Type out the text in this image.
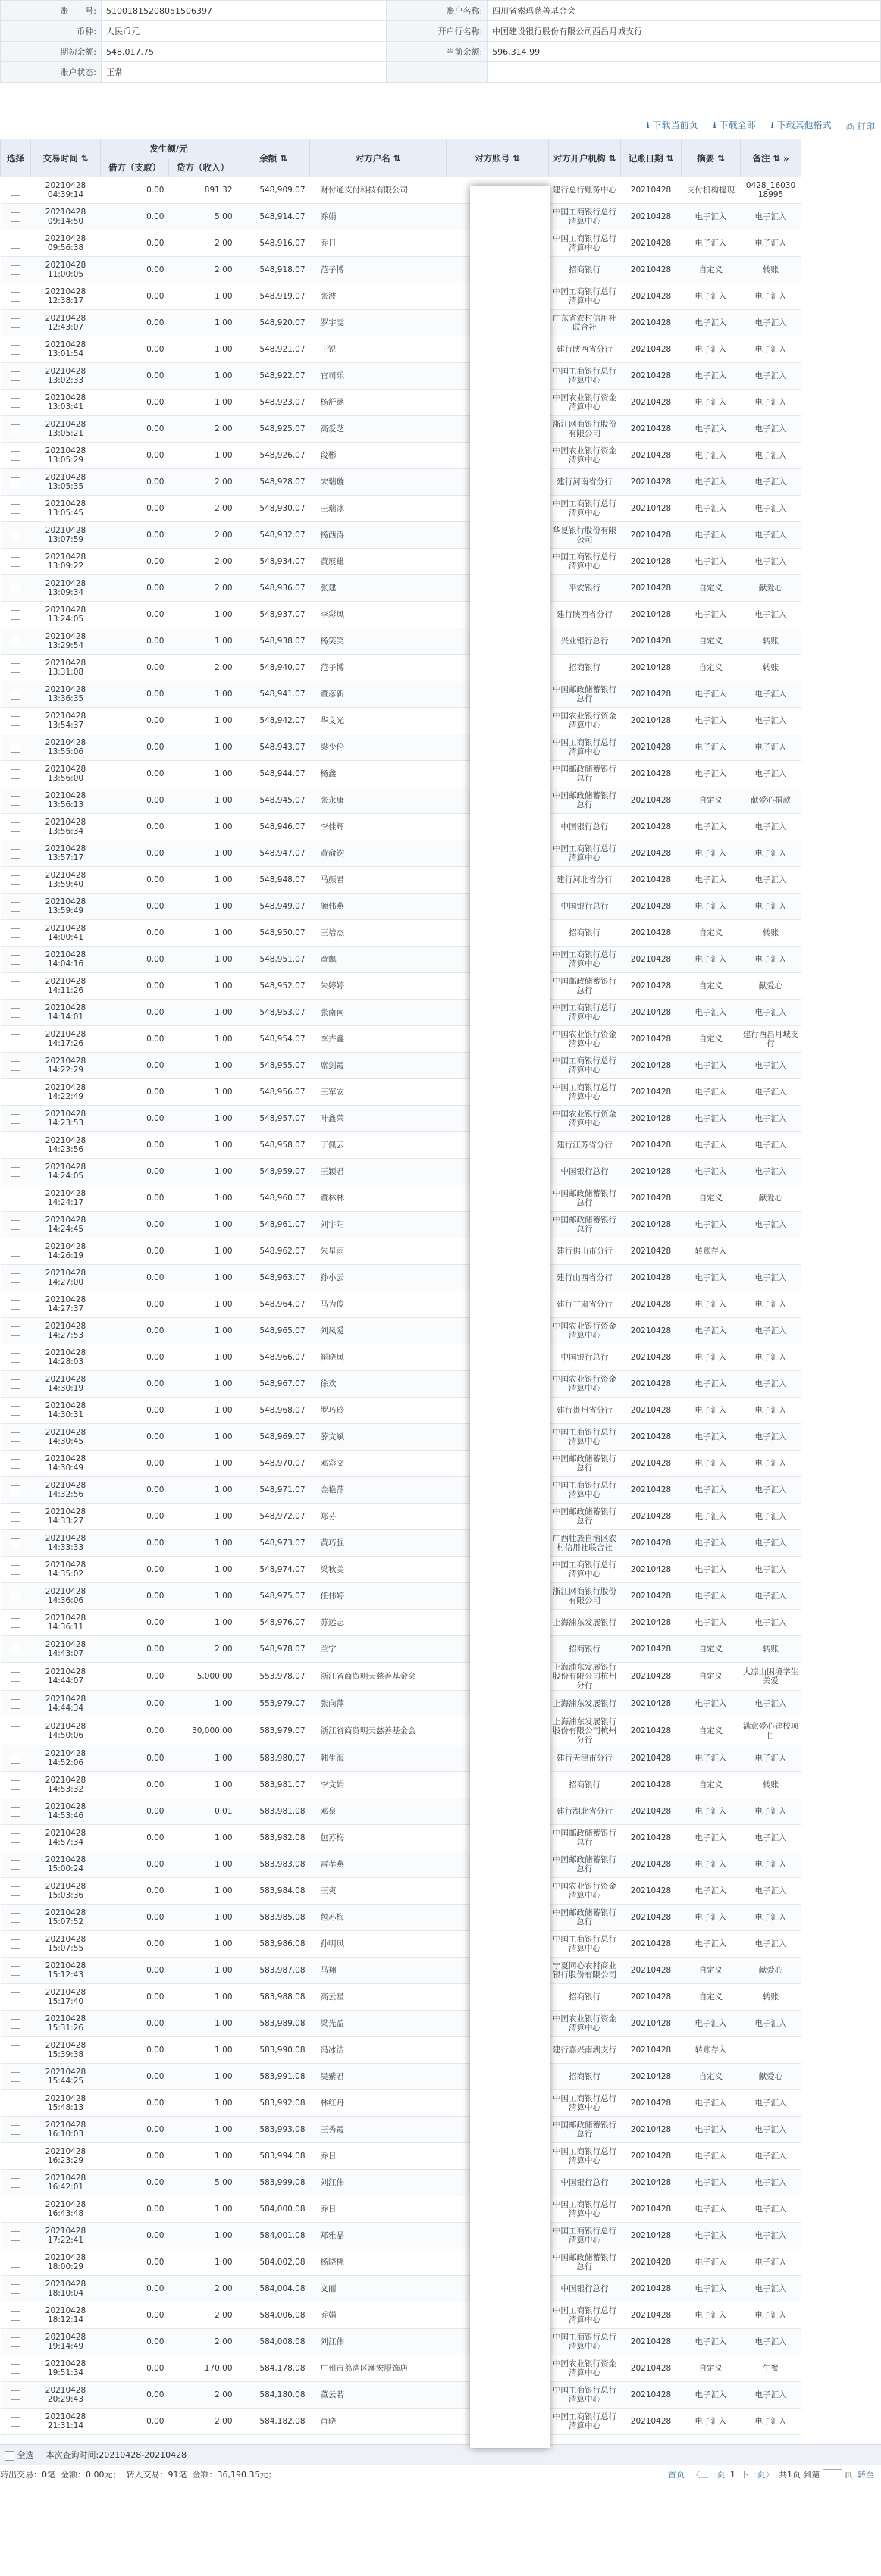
账　　号:	51001815208051506397	账户名称:	四川省索玛慈善基金会
币种:	人民币元	开户行名称:	中国建设银行股份有限公司西昌月城支行
期初余额:	548,017.75	当前余额:	596,314.99
账户状态:	正常		
⭳ 下载当前页 ⭳ 下载全部 ⭳ 下载其他格式 ⎙ 打印
选择	交易时间 ⇅	发生额/元		余额 ⇅	对方户名 ⇅	对方账号 ⇅	对方开户机构 ⇅	记账日期 ⇅	摘要 ⇅	备注 ⇅ »
		借方（支取）	贷方（收入）							

	20210428
04:39:14	0.00	891.32	548,909.07	财付通支付科技有限公司		建行总行账务中心	20210428	支付机构提现	0428_16030 18995

	20210428
09:14:50	0.00	5.00	548,914.07	乔娟		中国工商银行总行清算中心	20210428	电子汇入	电子汇入

	20210428
09:56:38	0.00	2.00	548,916.07	乔日		中国工商银行总行清算中心	20210428	电子汇入	电子汇入

	20210428
11:00:05	0.00	2.00	548,918.07	范子博		招商银行	20210428	自定义	转账

	20210428
12:38:17	0.00	1.00	548,919.07	张波		中国工商银行总行清算中心	20210428	电子汇入	电子汇入

	20210428
12:43:07	0.00	1.00	548,920.07	罗宇雯		广东省农村信用社联合社	20210428	电子汇入	电子汇入

	20210428
13:01:54	0.00	1.00	548,921.07	王锐		建行陕西省分行	20210428	电子汇入	电子汇入

	20210428
13:02:33	0.00	1.00	548,922.07	官司乐		中国工商银行总行清算中心	20210428	电子汇入	电子汇入

	20210428
13:03:41	0.00	1.00	548,923.07	杨舒涵		中国农业银行资金清算中心	20210428	电子汇入	电子汇入

	20210428
13:05:21	0.00	2.00	548,925.07	高爱芝		浙江网商银行股份有限公司	20210428	电子汇入	电子汇入

	20210428
13:05:29	0.00	1.00	548,926.07	段彬		中国农业银行资金清算中心	20210428	电子汇入	电子汇入

	20210428
13:05:35	0.00	2.00	548,928.07	宋瑞璇		建行河南省分行	20210428	电子汇入	电子汇入

	20210428
13:05:45	0.00	2.00	548,930.07	王瑞冰		中国工商银行总行清算中心	20210428	电子汇入	电子汇入

	20210428
13:07:59	0.00	2.00	548,932.07	杨西涛		华夏银行股份有限公司	20210428	电子汇入	电子汇入

	20210428
13:09:22	0.00	2.00	548,934.07	黄展雄		中国工商银行总行清算中心	20210428	电子汇入	电子汇入

	20210428
13:09:34	0.00	2.00	548,936.07	张建		平安银行	20210428	自定义	献爱心

	20210428
13:24:05	0.00	1.00	548,937.07	李彩凤		建行陕西省分行	20210428	电子汇入	电子汇入

	20210428
13:29:54	0.00	1.00	548,938.07	杨笑笑		兴业银行总行	20210428	自定义	转账

	20210428
13:31:08	0.00	2.00	548,940.07	范子博		招商银行	20210428	自定义	转账

	20210428
13:36:35	0.00	1.00	548,941.07	董彦新		中国邮政储蓄银行总行	20210428	电子汇入	电子汇入

	20210428
13:54:37	0.00	1.00	548,942.07	华文光		中国农业银行资金清算中心	20210428	电子汇入	电子汇入

	20210428
13:55:06	0.00	1.00	548,943.07	梁少伦		中国工商银行总行清算中心	20210428	电子汇入	电子汇入

	20210428
13:56:00	0.00	1.00	548,944.07	杨鑫		中国邮政储蓄银行总行	20210428	电子汇入	电子汇入

	20210428
13:56:13	0.00	1.00	548,945.07	张永康		中国邮政储蓄银行总行	20210428	自定义	献爱心捐款

	20210428
13:56:34	0.00	1.00	548,946.07	李佳辉		中国银行总行	20210428	电子汇入	电子汇入

	20210428
13:57:17	0.00	1.00	548,947.07	黄俞钧		中国工商银行总行清算中心	20210428	电子汇入	电子汇入

	20210428
13:59:40	0.00	1.00	548,948.07	马颜君		建行河北省分行	20210428	电子汇入	电子汇入

	20210428
13:59:49	0.00	1.00	548,949.07	颜伟燕		中国银行总行	20210428	电子汇入	电子汇入

	20210428
14:00:41	0.00	1.00	548,950.07	王培杰		招商银行	20210428	自定义	转账

	20210428
14:04:16	0.00	1.00	548,951.07	童飘		中国工商银行总行清算中心	20210428	电子汇入	电子汇入

	20210428
14:11:26	0.00	1.00	548,952.07	朱婷婷		中国邮政储蓄银行总行	20210428	自定义	献爱心

	20210428
14:14:01	0.00	1.00	548,953.07	张南南		中国工商银行总行清算中心	20210428	电子汇入	电子汇入

	20210428
14:17:26	0.00	1.00	548,954.07	李卉鑫		中国农业银行资金清算中心	20210428	自定义	建行西昌月城支行

	20210428
14:22:29	0.00	1.00	548,955.07	席剑霞		中国工商银行总行清算中心	20210428	电子汇入	电子汇入

	20210428
14:22:49	0.00	1.00	548,956.07	王军安		中国工商银行总行清算中心	20210428	电子汇入	电子汇入

	20210428
14:23:53	0.00	1.00	548,957.07	叶鑫荣		中国农业银行资金清算中心	20210428	电子汇入	电子汇入

	20210428
14:23:56	0.00	1.00	548,958.07	丁佩云		建行江苏省分行	20210428	电子汇入	电子汇入

	20210428
14:24:05	0.00	1.00	548,959.07	王颖君		中国银行总行	20210428	电子汇入	电子汇入

	20210428
14:24:17	0.00	1.00	548,960.07	董林林		中国邮政储蓄银行总行	20210428	自定义	献爱心

	20210428
14:24:45	0.00	1.00	548,961.07	刘宇阳		中国邮政储蓄银行总行	20210428	电子汇入	电子汇入

	20210428
14:26:19	0.00	1.00	548,962.07	朱星雨		建行佛山市分行	20210428	转账存入	

	20210428
14:27:00	0.00	1.00	548,963.07	孙小云		建行山西省分行	20210428	电子汇入	电子汇入

	20210428
14:27:37	0.00	1.00	548,964.07	马为俊		建行甘肃省分行	20210428	电子汇入	电子汇入

	20210428
14:27:53	0.00	1.00	548,965.07	刘凤爱		中国农业银行资金清算中心	20210428	电子汇入	电子汇入

	20210428
14:28:03	0.00	1.00	548,966.07	崔晓凤		中国银行总行	20210428	电子汇入	电子汇入

	20210428
14:30:19	0.00	1.00	548,967.07	徐欢		中国农业银行资金清算中心	20210428	电子汇入	电子汇入

	20210428
14:30:31	0.00	1.00	548,968.07	罗巧玲		建行贵州省分行	20210428	电子汇入	电子汇入

	20210428
14:30:45	0.00	1.00	548,969.07	薛文斌		中国工商银行总行清算中心	20210428	电子汇入	电子汇入

	20210428
14:30:49	0.00	1.00	548,970.07	邓彩文		中国邮政储蓄银行总行	20210428	电子汇入	电子汇入

	20210428
14:32:56	0.00	1.00	548,971.07	金艳萍		中国工商银行总行清算中心	20210428	电子汇入	电子汇入

	20210428
14:33:27	0.00	1.00	548,972.07	郑芬		中国邮政储蓄银行总行	20210428	电子汇入	电子汇入

	20210428
14:33:33	0.00	1.00	548,973.07	黄巧强		广西壮族自治区农村信用社联合社	20210428	电子汇入	电子汇入

	20210428
14:35:02	0.00	1.00	548,974.07	梁秋美		中国工商银行总行清算中心	20210428	电子汇入	电子汇入

	20210428
14:36:06	0.00	1.00	548,975.07	任伟婷		浙江网商银行股份有限公司	20210428	电子汇入	电子汇入

	20210428
14:36:11	0.00	1.00	548,976.07	苏远志		上海浦东发展银行	20210428	电子汇入	电子汇入

	20210428
14:43:07	0.00	2.00	548,978.07	兰宁		招商银行	20210428	自定义	转账

	20210428
14:44:07	0.00	5,000.00	553,978.07	浙江省商贸明天慈善基金会		上海浦东发展银行股份有限公司杭州分行	20210428	自定义	大凉山困境学生关爱

	20210428
14:44:34	0.00	1.00	553,979.07	张向萍		上海浦东发展银行	20210428	电子汇入	电子汇入

	20210428
14:50:06	0.00	30,000.00	583,979.07	浙江省商贸明天慈善基金会		上海浦东发展银行股份有限公司杭州分行	20210428	自定义	满意爱心建校项目

	20210428
14:52:06	0.00	1.00	583,980.07	韩生海		建行天津市分行	20210428	电子汇入	电子汇入

	20210428
14:53:32	0.00	1.00	583,981.07	李文娟		招商银行	20210428	自定义	转账

	20210428
14:53:46	0.00	0.01	583,981.08	邓泉		建行湖北省分行	20210428	电子汇入	电子汇入

	20210428
14:57:34	0.00	1.00	583,982.08	包苏梅		中国邮政储蓄银行总行	20210428	电子汇入	电子汇入

	20210428
15:00:24	0.00	1.00	583,983.08	雷孝燕		中国邮政储蓄银行总行	20210428	电子汇入	电子汇入

	20210428
15:03:36	0.00	1.00	583,984.08	王爽		中国农业银行资金清算中心	20210428	电子汇入	电子汇入

	20210428
15:07:52	0.00	1.00	583,985.08	包苏梅		中国邮政储蓄银行总行	20210428	电子汇入	电子汇入

	20210428
15:07:55	0.00	1.00	583,986.08	孙明凤		中国工商银行总行清算中心	20210428	电子汇入	电子汇入

	20210428
15:12:43	0.00	1.00	583,987.08	马翔		宁夏同心农村商业银行股份有限公司	20210428	自定义	献爱心

	20210428
15:17:40	0.00	1.00	583,988.08	高云星		招商银行	20210428	自定义	转账

	20210428
15:31:26	0.00	1.00	583,989.08	梁光盈		中国农业银行资金清算中心	20210428	电子汇入	电子汇入

	20210428
15:39:38	0.00	1.00	583,990.08	冯冰洁		建行嘉兴南湖支行	20210428	转账存入	

	20210428
15:44:25	0.00	1.00	583,991.08	吴紫君		招商银行	20210428	自定义	献爱心

	20210428
15:48:13	0.00	1.00	583,992.08	林红丹		中国工商银行总行清算中心	20210428	电子汇入	电子汇入

	20210428
16:10:03	0.00	1.00	583,993.08	王秀霞		中国邮政储蓄银行总行	20210428	电子汇入	电子汇入

	20210428
16:23:29	0.00	1.00	583,994.08	乔日		中国工商银行总行清算中心	20210428	电子汇入	电子汇入

	20210428
16:42:01	0.00	5.00	583,999.08	刘江伟		中国银行总行	20210428	电子汇入	电子汇入

	20210428
16:43:48	0.00	1.00	584,000.08	乔日		中国工商银行总行清算中心	20210428	电子汇入	电子汇入

	20210428
17:22:41	0.00	1.00	584,001.08	郑雅晶		中国工商银行总行清算中心	20210428	电子汇入	电子汇入

	20210428
18:00:29	0.00	1.00	584,002.08	杨晓桃		中国邮政储蓄银行总行	20210428	电子汇入	电子汇入

	20210428
18:10:04	0.00	2.00	584,004.08	文丽		中国银行总行	20210428	电子汇入	电子汇入

	20210428
18:12:14	0.00	2.00	584,006.08	乔娟		中国工商银行总行清算中心	20210428	电子汇入	电子汇入

	20210428
19:14:49	0.00	2.00	584,008.08	刘江伟		中国工商银行总行清算中心	20210428	电子汇入	电子汇入

	20210428
19:51:34	0.00	170.00	584,178.08	广州市荔湾区潮宏服饰店		中国农业银行资金清算中心	20210428	自定义	午餐

	20210428
20:29:43	0.00	2.00	584,180.08	董云若		中国工商银行总行清算中心	20210428	电子汇入	电子汇入

	20210428
21:31:14	0.00	2.00	584,182.08	肖晓		中国工商银行总行清算中心	20210428	电子汇入	电子汇入
全选 本次查询时间:20210428-20210428
转出交易：0笔
金额：0.00元；
转入交易：91笔
金额：36,190.35元；	首页 〈上一页 1 下一页〉 共1页 到第	页 转至
